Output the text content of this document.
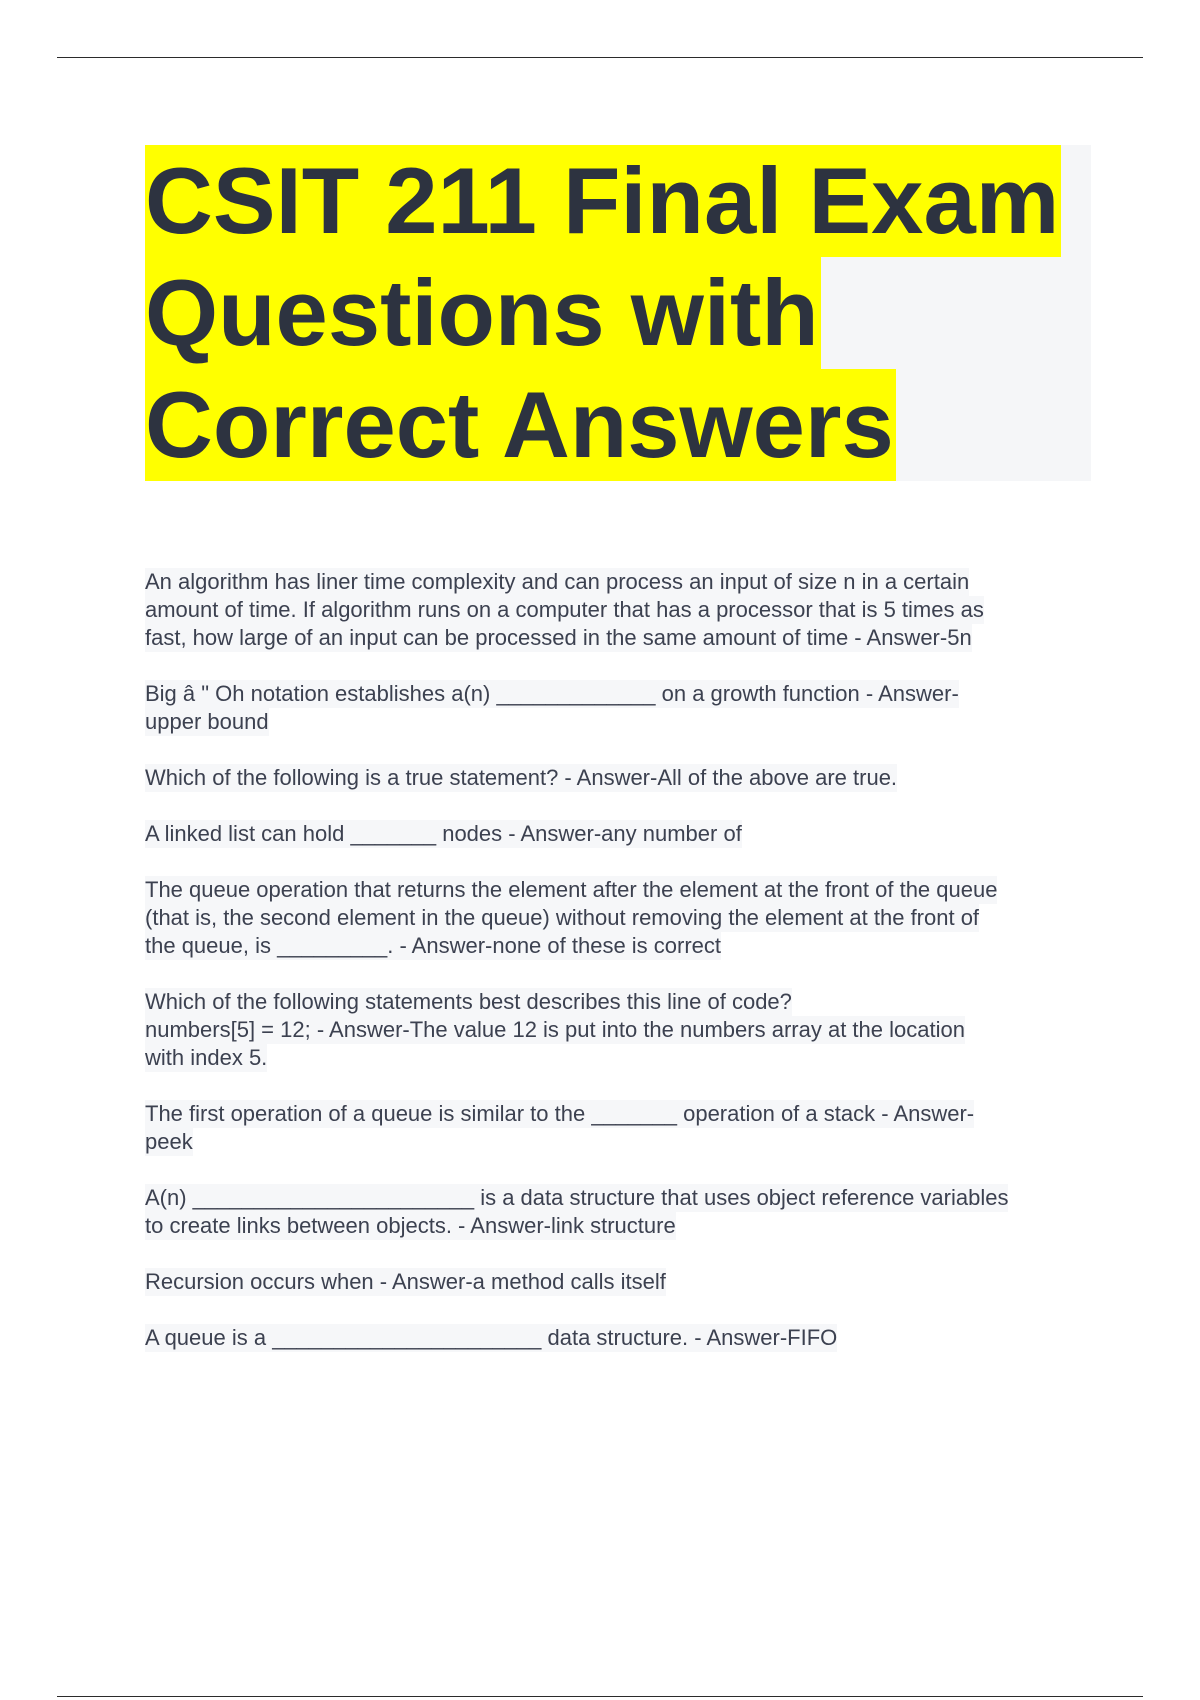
CSIT 211 Final Exam
Questions with
Correct Answers
An algorithm has liner time complexity and can process an input of size n in a certain
amount of time. If algorithm runs on a computer that has a processor that is 5 times as
fast, how large of an input can be processed in the same amount of time - Answer-5n
Big â " Oh notation establishes a(n) _____________ on a growth function - Answer-
upper bound
Which of the following is a true statement? - Answer-All of the above are true.
A linked list can hold _______ nodes - Answer-any number of
The queue operation that returns the element after the element at the front of the queue
(that is, the second element in the queue) without removing the element at the front of
the queue, is _________. - Answer-none of these is correct
Which of the following statements best describes this line of code?
numbers[5] = 12; - Answer-The value 12 is put into the numbers array at the location
with index 5.
The first operation of a queue is similar to the _______ operation of a stack - Answer-
peek
A(n) _______________________ is a data structure that uses object reference variables
to create links between objects. - Answer-link structure
Recursion occurs when - Answer-a method calls itself
A queue is a ______________________ data structure. - Answer-FIFO
